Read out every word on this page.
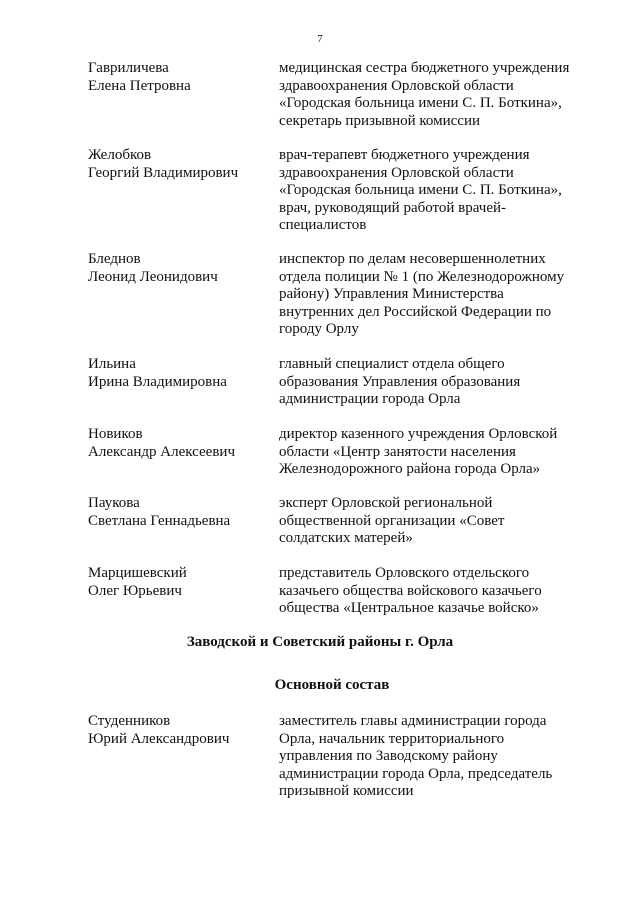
7
Гавриличева
Елена Петровна
медицинская сестра бюджетного учреждения
здравоохранения Орловской области
«Городская больница имени С. П. Боткина»,
секретарь призывной комиссии
Желобков
Георгий Владимирович
врач-терапевт бюджетного учреждения
здравоохранения Орловской области
«Городская больница имени С. П. Боткина»,
врач, руководящий работой врачей-
специалистов
Бледнов
Леонид Леонидович
инспектор по делам несовершеннолетних
отдела полиции № 1 (по Железнодорожному
району) Управления Министерства
внутренних дел Российской Федерации по
городу Орлу
Ильина
Ирина Владимировна
главный специалист отдела общего
образования Управления образования
администрации города Орла
Новиков
Александр Алексеевич
директор казенного учреждения Орловской
области «Центр занятости населения
Железнодорожного района города Орла»
Паукова
Светлана Геннадьевна
эксперт Орловской региональной
общественной организации «Совет
солдатских матерей»
Марцишевский
Олег Юрьевич
представитель Орловского отдельского
казачьего общества войскового казачьего
общества «Центральное казачье войско»
Заводской и Советский районы г. Орла
Основной состав
Студенников
Юрий Александрович
заместитель главы администрации города
Орла, начальник территориального
управления по Заводскому району
администрации города Орла, председатель
призывной комиссии
